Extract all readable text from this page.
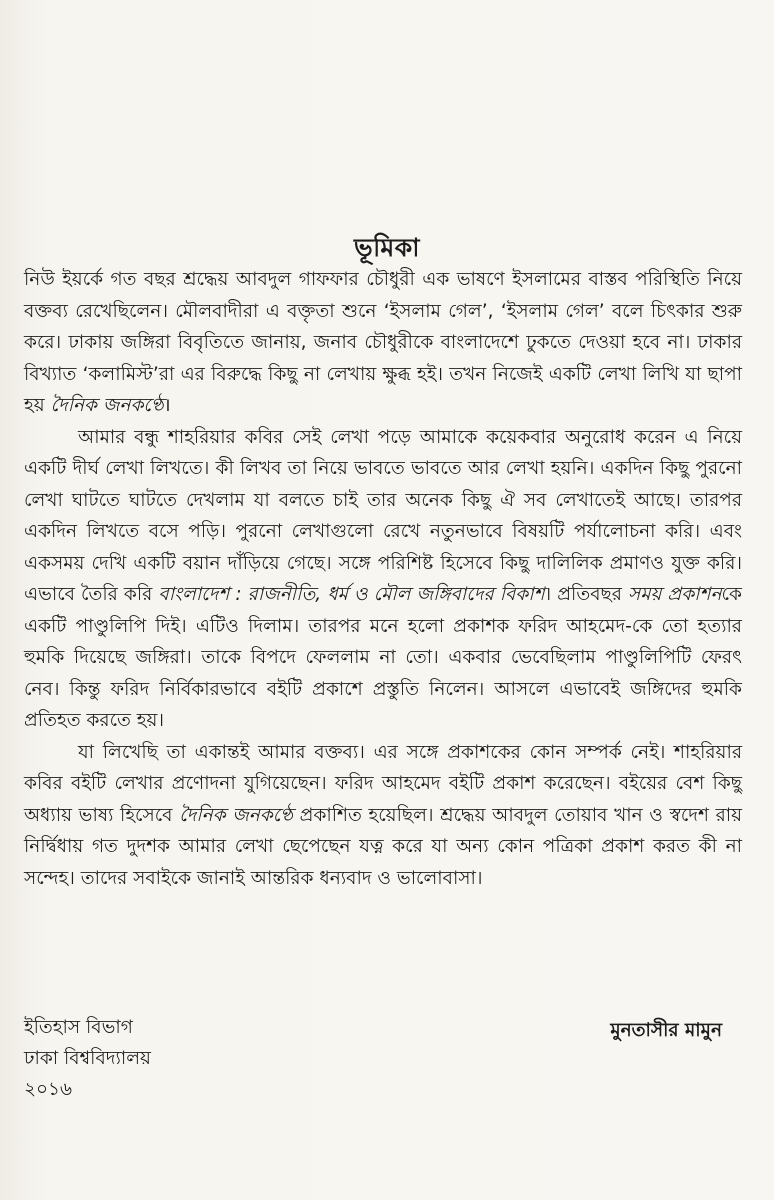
ভূমিকা

নিউ ইয়র্কে গত বছর শ্রদ্ধেয় আবদুল গাফফার চৌধুরী এক ভাষণে ইসলামের বাস্তব পরিস্থিতি নিয়ে বক্তব্য রেখেছিলেন। মৌলবাদীরা এ বক্তৃতা শুনে ‘ইসলাম গেল’, ‘ইসলাম গেল’ বলে চিৎকার শুরু করে। ঢাকায় জঙ্গিরা বিবৃতিতে জানায়, জনাব চৌধুরীকে বাংলাদেশে ঢুকতে দেওয়া হবে না। ঢাকার বিখ্যাত ‘কলামিস্ট’রা এর বিরুদ্ধে কিছু না লেখায় ক্ষুব্ধ হই। তখন নিজেই একটি লেখা লিখি যা ছাপা হয় দৈনিক জনকণ্ঠে।

আমার বন্ধু শাহরিয়ার কবির সেই লেখা পড়ে আমাকে কয়েকবার অনুরোধ করেন এ নিয়ে একটি দীর্ঘ লেখা লিখতে। কী লিখব তা নিয়ে ভাবতে ভাবতে আর লেখা হয়নি। একদিন কিছু পুরনো লেখা ঘাটতে ঘাটতে দেখলাম যা বলতে চাই তার অনেক কিছু ঐ সব লেখাতেই আছে। তারপর একদিন লিখতে বসে পড়ি। পুরনো লেখাগুলো রেখে নতুনভাবে বিষয়টি পর্যালোচনা করি। এবং একসময় দেখি একটি বয়ান দাঁড়িয়ে গেছে। সঙ্গে পরিশিষ্ট হিসেবে কিছু দালিলিক প্রমাণও যুক্ত করি। এভাবে তৈরি করি বাংলাদেশ : রাজনীতি, ধর্ম ও মৌল জঙ্গিবাদের বিকাশ। প্রতিবছর সময় প্রকাশনকে একটি পাণ্ডুলিপি দিই। এটিও দিলাম। তারপর মনে হলো প্রকাশক ফরিদ আহমেদ-কে তো হত্যার হুমকি দিয়েছে জঙ্গিরা। তাকে বিপদে ফেললাম না তো। একবার ভেবেছিলাম পাণ্ডুলিপিটি ফেরৎ নেব। কিন্তু ফরিদ নির্বিকারভাবে বইটি প্রকাশে প্রস্তুতি নিলেন। আসলে এভাবেই জঙ্গিদের হুমকি প্রতিহত করতে হয়।

যা লিখেছি তা একান্তই আমার বক্তব্য। এর সঙ্গে প্রকাশকের কোন সম্পর্ক নেই। শাহরিয়ার কবির বইটি লেখার প্রণোদনা যুগিয়েছেন। ফরিদ আহমেদ বইটি প্রকাশ করেছেন। বইয়ের বেশ কিছু অধ্যায় ভাষ্য হিসেবে দৈনিক জনকণ্ঠে প্রকাশিত হয়েছিল। শ্রদ্ধেয় আবদুল তোয়াব খান ও স্বদেশ রায় নির্দ্বিধায় গত দুদশক আমার লেখা ছেপেছেন যত্ন করে যা অন্য কোন পত্রিকা প্রকাশ করত কী না সন্দেহ। তাদের সবাইকে জানাই আন্তরিক ধন্যবাদ ও ভালোবাসা।

ইতিহাস বিভাগ
ঢাকা বিশ্ববিদ্যালয়
২০১৬
মুনতাসীর মামুন
